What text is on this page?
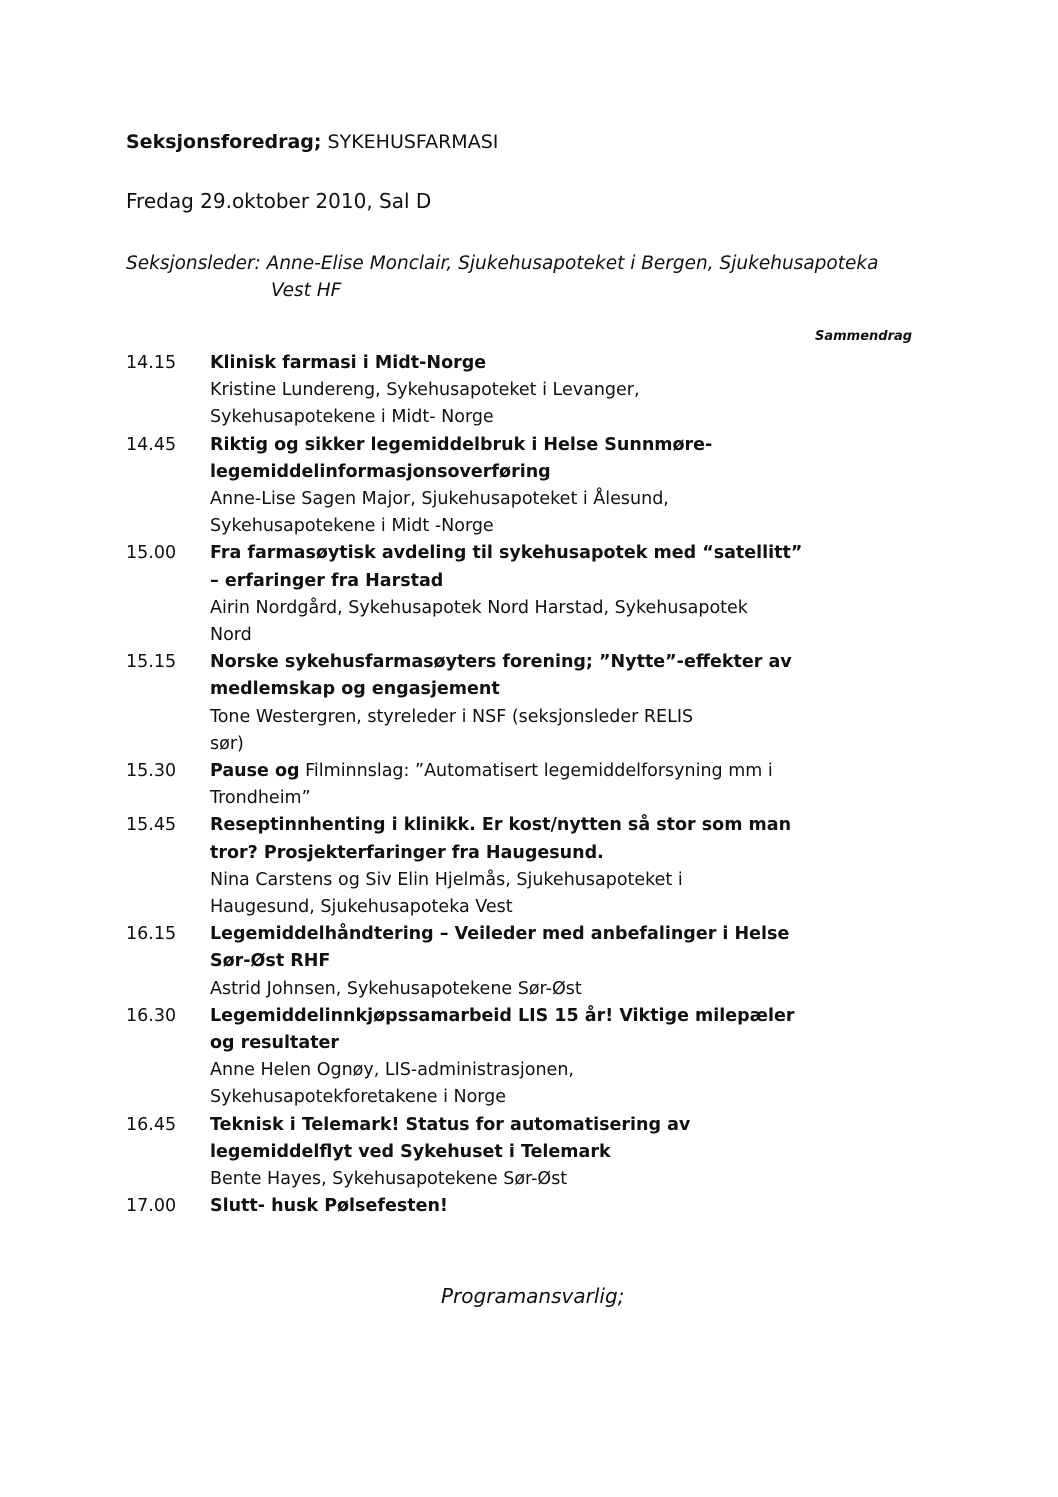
Seksjonsforedrag; SYKEHUSFARMASI
Fredag 29.oktober 2010, Sal D
Seksjonsleder: Anne-Elise Monclair, Sjukehusapoteket i Bergen, Sjukehusapoteka
Vest HF
Sammendrag
14.15	Klinisk farmasi i Midt-Norge
Kristine Lundereng, Sykehusapoteket i Levanger,
Sykehusapotekene i Midt- Norge
14.45	Riktig og sikker legemiddelbruk i Helse Sunnmøre-
legemiddelinformasjonsoverføring
Anne-Lise Sagen Major, Sjukehusapoteket i Ålesund,
Sykehusapotekene i Midt -Norge
15.00	Fra farmasøytisk avdeling til sykehusapotek med “satellitt”
– erfaringer fra Harstad
Airin Nordgård, Sykehusapotek Nord Harstad, Sykehusapotek
Nord
15.15	Norske sykehusfarmasøyters forening; ”Nytte”-effekter av
medlemskap og engasjement
Tone Westergren, styreleder i NSF (seksjonsleder RELIS
sør)
15.30	Pause og Filminnslag: ”Automatisert legemiddelforsyning mm i
Trondheim”
15.45	Reseptinnhenting i klinikk. Er kost/nytten så stor som man
tror? Prosjekterfaringer fra Haugesund.
Nina Carstens og Siv Elin Hjelmås, Sjukehusapoteket i
Haugesund, Sjukehusapoteka Vest
16.15	Legemiddelhåndtering – Veileder med anbefalinger i Helse
Sør-Øst RHF
Astrid Johnsen, Sykehusapotekene Sør-Øst
16.30	Legemiddelinnkjøpssamarbeid LIS 15 år! Viktige milepæler
og resultater
Anne Helen Ognøy, LIS-administrasjonen,
Sykehusapotekforetakene i Norge
16.45	Teknisk i Telemark! Status for automatisering av
legemiddelflyt ved Sykehuset i Telemark
Bente Hayes, Sykehusapotekene Sør-Øst
17.00	Slutt- husk Pølsefesten!
Programansvarlig;
